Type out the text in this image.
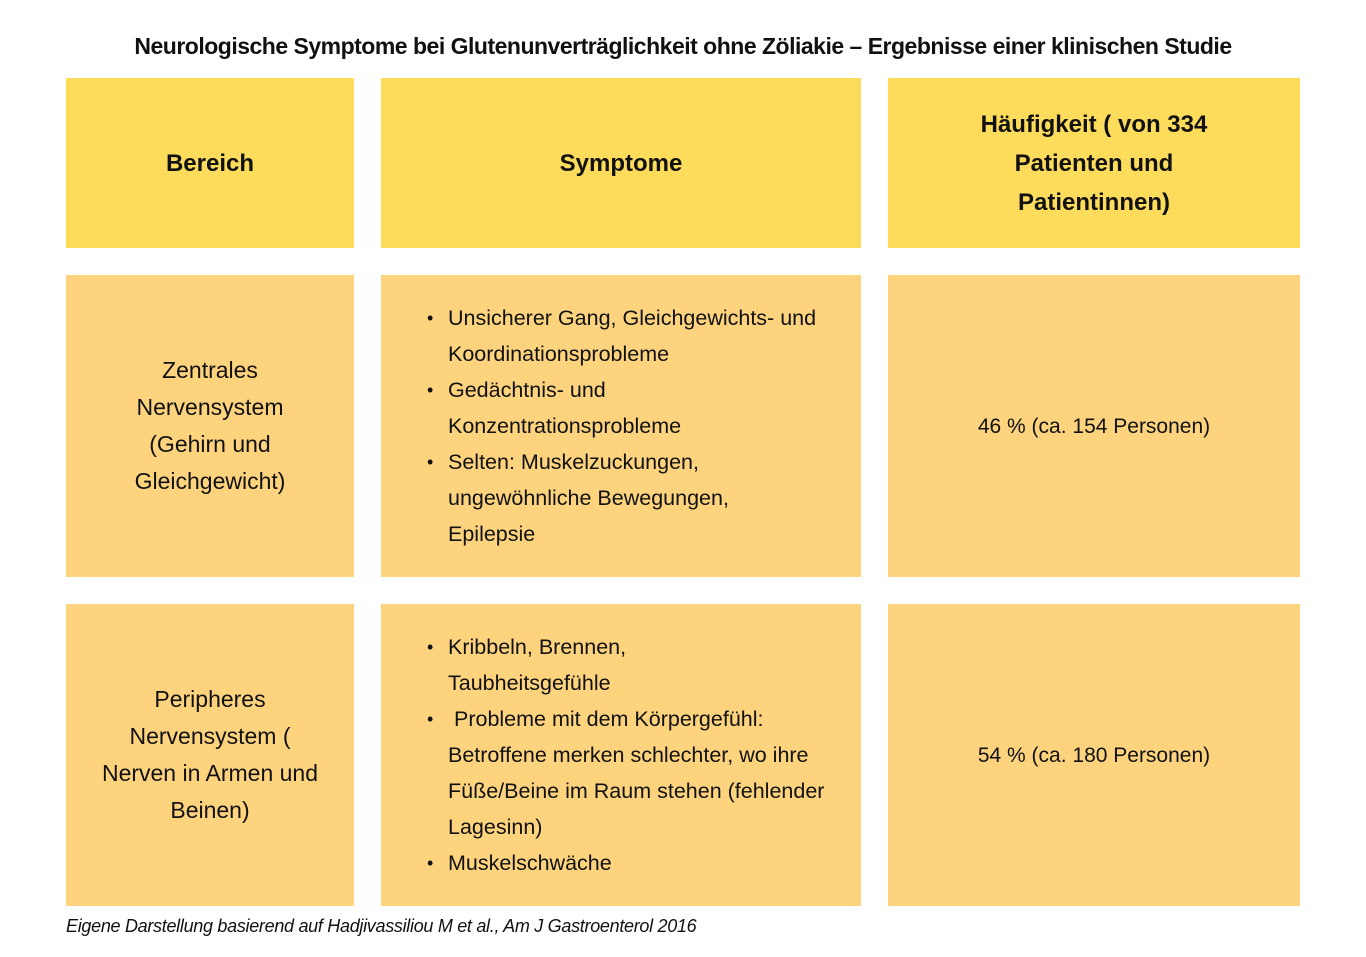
Neurologische Symptome bei Glutenunverträglichkeit ohne Zöliakie – Ergebnisse einer klinischen Studie
Bereich	Symptome
Häufigkeit ( von 334 Patienten und Patientinnen)
Zentrales Nervensystem (Gehirn und Gleichgewicht)
• Unsicherer Gang, Gleichgewichts- und Koordinationsprobleme
• Gedächtnis- und Konzentrationsprobleme
• Selten: Muskelzuckungen, ungewöhnliche Bewegungen, Epilepsie
46 % (ca. 154 Personen)
Peripheres Nervensystem ( Nerven in Armen und Beinen)
• Kribbeln, Brennen, Taubheitsgefühle
• Probleme mit dem Körpergefühl: Betroffene merken schlechter, wo ihre Füße/Beine im Raum stehen (fehlender Lagesinn)
• Muskelschwäche
54 % (ca. 180 Personen)
Eigene Darstellung basierend auf Hadjivassiliou M et al., Am J Gastroenterol 2016
